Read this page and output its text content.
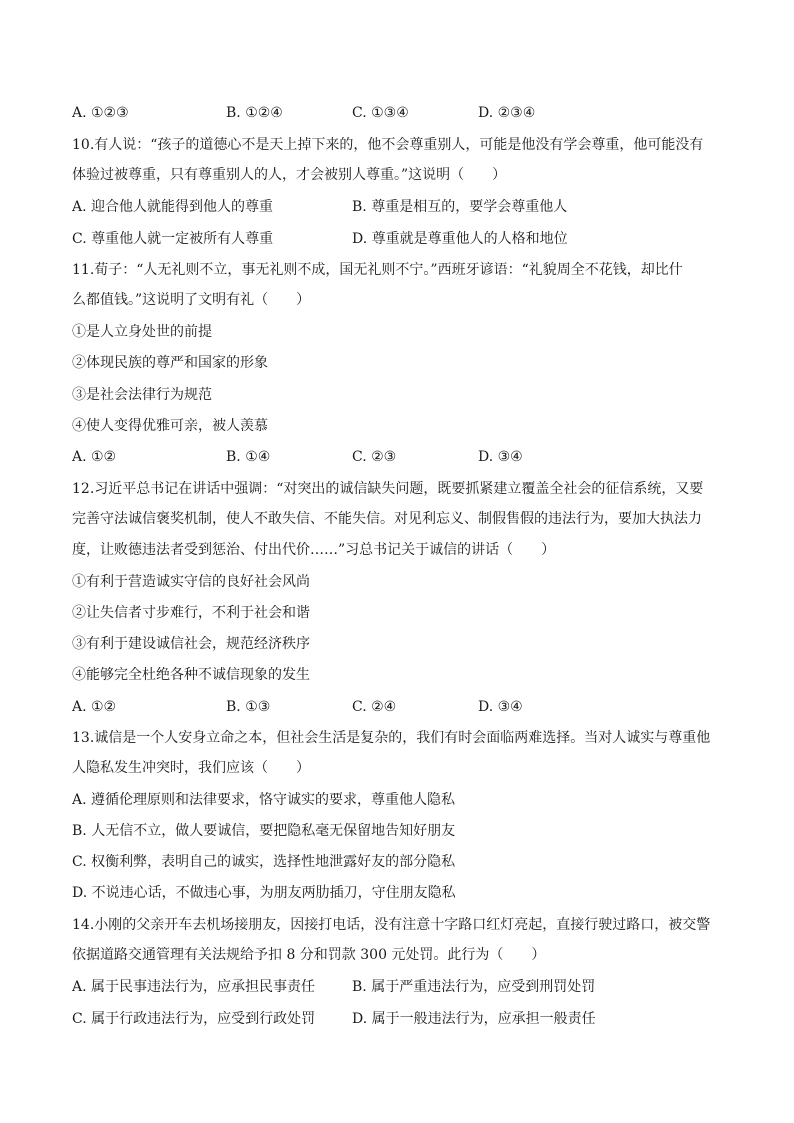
A. ①②③	B. ①②④	C. ①③④	D. ②③④
10.有人说：“孩子的道德心不是天上掉下来的，他不会尊重别人，可能是他没有学会尊重，他可能没有
体验过被尊重，只有尊重别人的人，才会被别人尊重。”这说明（　　）
A. 迎合他人就能得到他人的尊重	B. 尊重是相互的，要学会尊重他人
C. 尊重他人就一定被所有人尊重	D. 尊重就是尊重他人的人格和地位
11.荀子：“人无礼则不立，事无礼则不成，国无礼则不宁。”西班牙谚语：“礼貌周全不花钱，却比什
么都值钱。”这说明了文明有礼（　　）
①是人立身处世的前提
②体现民族的尊严和国家的形象
③是社会法律行为规范
④使人变得优雅可亲，被人羡慕
A. ①②	B. ①④	C. ②③	D. ③④
12.习近平总书记在讲话中强调：“对突出的诚信缺失问题，既要抓紧建立覆盖全社会的征信系统，又要
完善守法诚信褒奖机制，使人不敢失信、不能失信。对见利忘义、制假售假的违法行为，要加大执法力
度，让败德违法者受到惩治、付出代价……”习总书记关于诚信的讲话（　　）
①有利于营造诚实守信的良好社会风尚
②让失信者寸步难行，不利于社会和谐
③有利于建设诚信社会，规范经济秩序
④能够完全杜绝各种不诚信现象的发生
A. ①②	B. ①③	C. ②④	D. ③④
13.诚信是一个人安身立命之本，但社会生活是复杂的，我们有时会面临两难选择。当对人诚实与尊重他
人隐私发生冲突时，我们应该（　　）
A. 遵循伦理原则和法律要求，恪守诚实的要求，尊重他人隐私
B. 人无信不立，做人要诚信，要把隐私毫无保留地告知好朋友
C. 权衡利弊，表明自己的诚实，选择性地泄露好友的部分隐私
D. 不说违心话，不做违心事，为朋友两肋插刀，守住朋友隐私
14.小刚的父亲开车去机场接朋友，因接打电话，没有注意十字路口红灯亮起，直接行驶过路口，被交警
依据道路交通管理有关法规给予扣 8 分和罚款 300 元处罚。此行为（　　）
A. 属于民事违法行为，应承担民事责任	B. 属于严重违法行为，应受到刑罚处罚
C. 属于行政违法行为，应受到行政处罚	D. 属于一般违法行为，应承担一般责任
